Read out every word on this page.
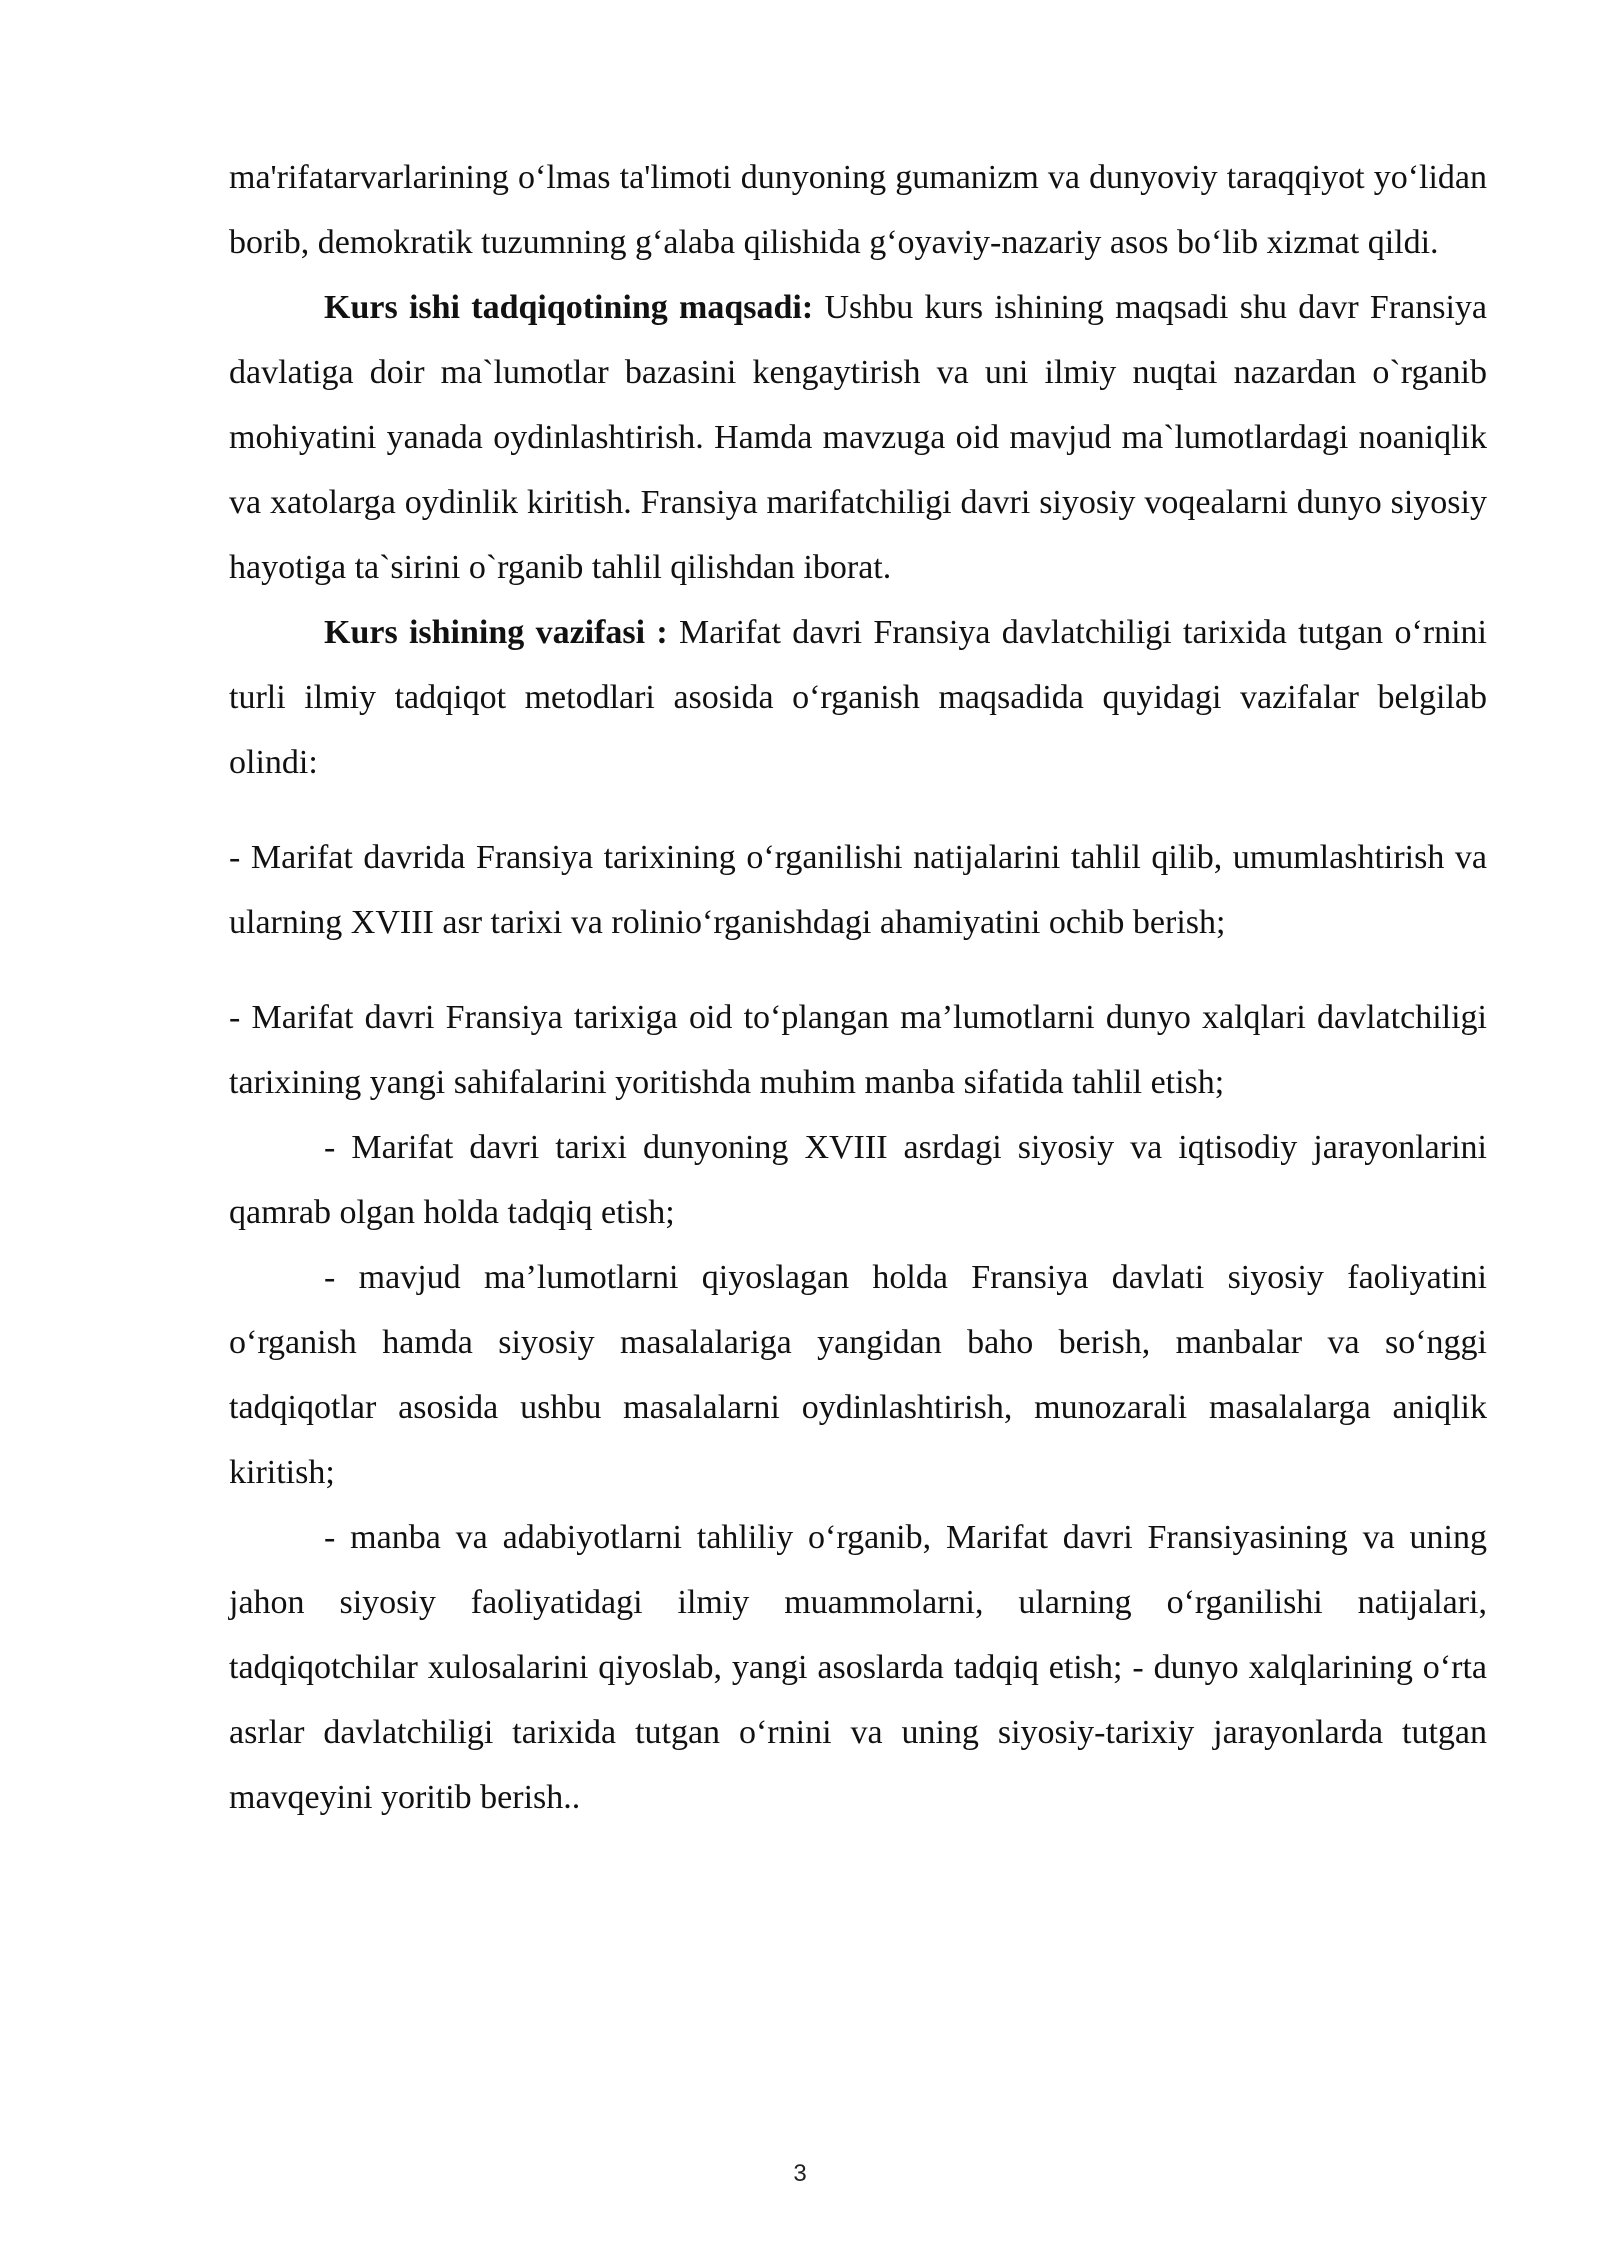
ma'rifatarvarlarining o‘lmas ta'limoti dunyoning gumanizm va dunyoviy taraqqiyot yo‘lidan borib, demokratik tuzumning g‘alaba qilishida g‘oyaviy-nazariy asos bo‘lib xizmat qildi.

Kurs ishi tadqiqotining maqsadi: Ushbu kurs ishining maqsadi shu davr Fransiya davlatiga doir ma`lumotlar bazasini kengaytirish va uni ilmiy nuqtai nazardan o`rganib mohiyatini yanada oydinlashtirish. Hamda mavzuga oid mavjud ma`lumotlardagi noaniqlik va xatolarga oydinlik kiritish. Fransiya marifatchiligi davri siyosiy voqealarni dunyo siyosiy hayotiga ta`sirini o`rganib tahlil qilishdan iborat.

Kurs ishining vazifasi : Marifat davri Fransiya davlatchiligi tarixida tutgan o‘rnini turli ilmiy tadqiqot metodlari asosida o‘rganish maqsadida quyidagi vazifalar belgilab olindi:

- Marifat davrida Fransiya tarixining o‘rganilishi natijalarini tahlil qilib, umumlashtirish va ularning XVIII asr tarixi va rolinio‘rganishdagi ahamiyatini ochib berish;

- Marifat davri Fransiya tarixiga oid to‘plangan ma’lumotlarni dunyo xalqlari davlatchiligi tarixining yangi sahifalarini yoritishda muhim manba sifatida tahlil etish;

- Marifat davri tarixi dunyoning XVIII asrdagi siyosiy va iqtisodiy jarayonlarini qamrab olgan holda tadqiq etish;

- mavjud ma’lumotlarni qiyoslagan holda Fransiya davlati siyosiy faoliyatini o‘rganish hamda siyosiy masalalariga yangidan baho berish, manbalar va so‘nggi tadqiqotlar asosida ushbu masalalarni oydinlashtirish, munozarali masalalarga aniqlik kiritish;

- manba va adabiyotlarni tahliliy o‘rganib, Marifat davri Fransiyasining va uning jahon siyosiy faoliyatidagi ilmiy muammolarni, ularning o‘rganilishi natijalari, tadqiqotchilar xulosalarini qiyoslab, yangi asoslarda tadqiq etish; - dunyo xalqlarining o‘rta asrlar davlatchiligi tarixida tutgan o‘rnini va uning siyosiy-tarixiy jarayonlarda tutgan mavqeyini yoritib berish..

3
